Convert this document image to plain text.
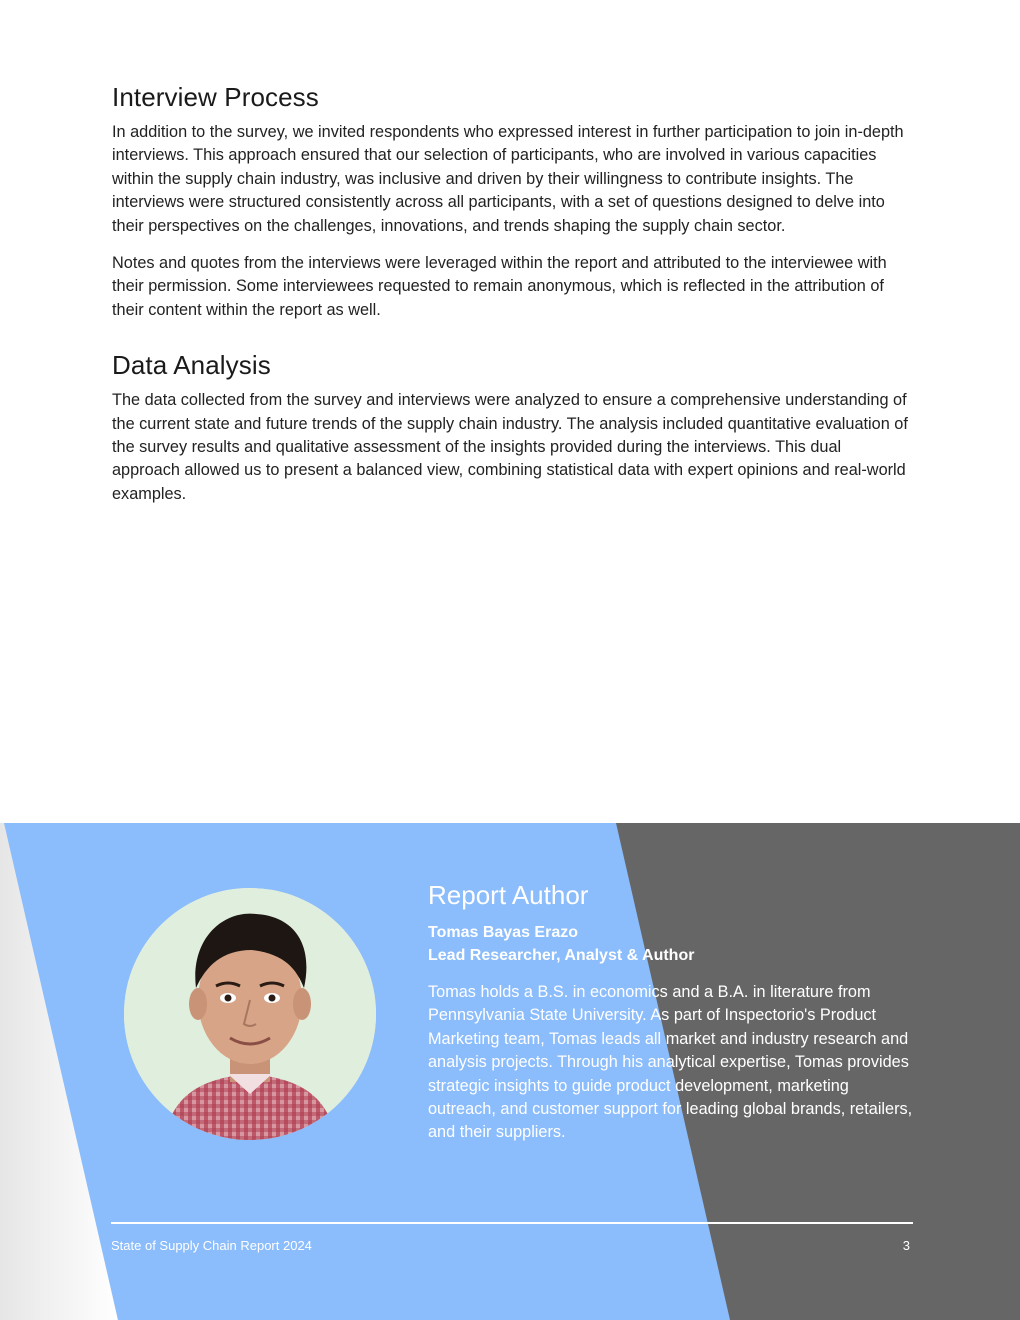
Interview Process

In addition to the survey, we invited respondents who expressed interest in further participation to join in-depth interviews. This approach ensured that our selection of participants, who are involved in various capacities within the supply chain industry, was inclusive and driven by their willingness to contribute insights. The interviews were structured consistently across all participants, with a set of questions designed to delve into their perspectives on the challenges, innovations, and trends shaping the supply chain sector.

Notes and quotes from the interviews were leveraged within the report and attributed to the interviewee with their permission. Some interviewees requested to remain anonymous, which is reflected in the attribution of their content within the report as well.

Data Analysis

The data collected from the survey and interviews were analyzed to ensure a comprehensive understanding of the current state and future trends of the supply chain industry. The analysis included quantitative evaluation of the survey results and qualitative assessment of the insights provided during the interviews. This dual approach allowed us to present a balanced view, combining statistical data with expert opinions and real-world examples.

Report Author
Tomas Bayas Erazo
Lead Researcher, Analyst & Author

Tomas holds a B.S. in economics and a B.A. in literature from Pennsylvania State University. As part of Inspectorio's Product Marketing team, Tomas leads all market and industry research and analysis projects. Through his analytical expertise, Tomas provides strategic insights to guide product development, marketing outreach, and customer support for leading global brands, retailers, and their suppliers.

State of Supply Chain Report 2024	3
